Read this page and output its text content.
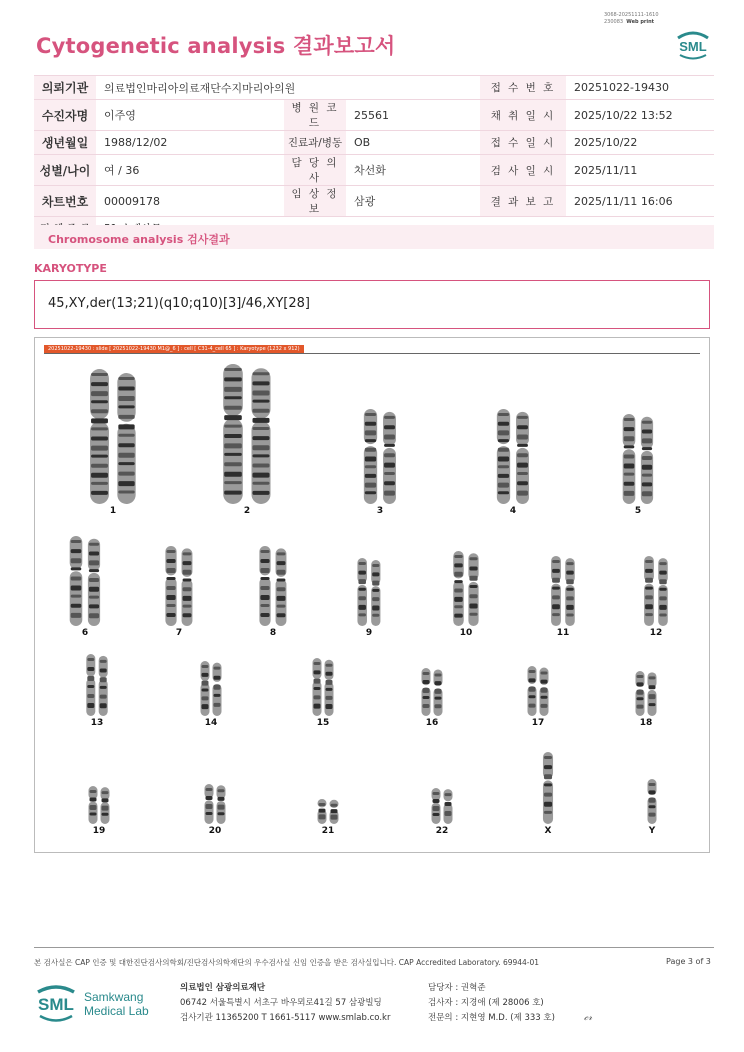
3068-20251111-1610
230083 Web print
Cytogenetic analysis 결과보고서	SML
의뢰기관	의료법인마리아의료재단수지마리아의원			접 수 번 호	20251022-19430
수진자명	이주영	병 원 코 드	25561	채 취 일 시	2025/10/22 13:52
생년월일	1988/12/02	진료과/병동	OB	접 수 일 시	2025/10/22
성별/나이	여 / 36	담 당 의 사	차선화	검 사 일 시	2025/11/11
차트번호	00009178	임 상 정 보	삼광	결 과 보 고	2025/11/11 16:06

Chromosome analysis 검사결과
KARYOTYPE
45,XY,der(13;21)(q10;q10)[3]/46,XY[28]
20251022-19430 : slide [ 20251022-19430 M1@_6 ] : cell [ C31-4_cell 65 ] : Karyotype (1232 x 912)
1	2	3	4	5
6	7	8	9	10	11	12
13	14	15	16	17	18
19	20	21	22	X	Y
본 검사실은 CAP 인증 및 대한진단검사의학회/진단검사의학재단의 우수검사실 신임 인증을 받은 검사실입니다. CAP Accredited Laboratory. 69944-01	Page 3 of 3
SML Samkwang
Medical Lab
의료법인 삼광의료재단
06742 서울특별시 서초구 바우뫼로41길 57 삼광빌딩
검사기관 11365200 T 1661-5117 www.smlab.co.kr
담당자 : 권혁준
검사자 : 지경애 (제 28006 호)
전문의 : 지현영 M.D. (제 333 호)	𝒸𝓇
